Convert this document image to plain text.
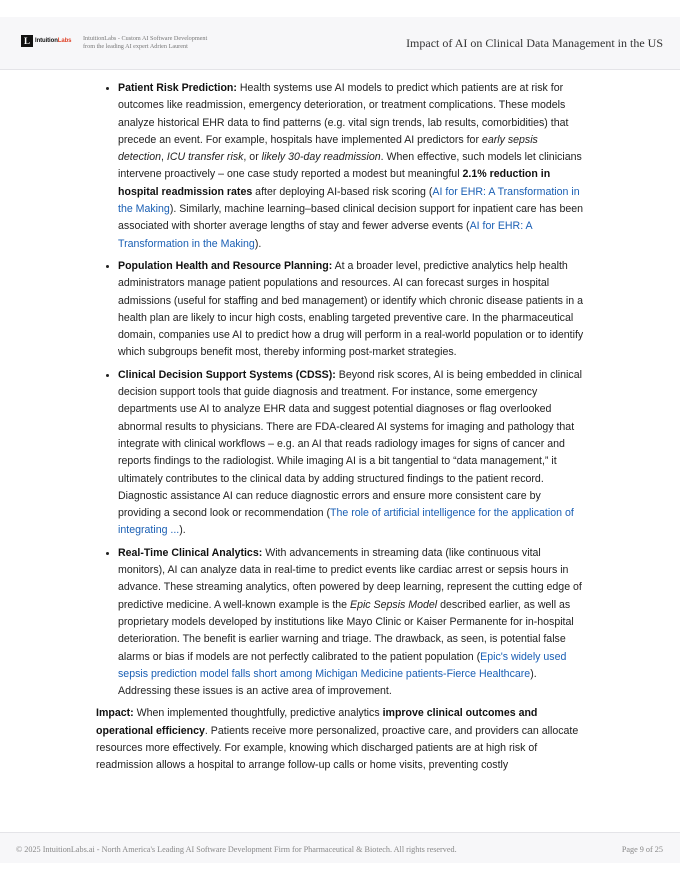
L IntuitionLabs IntuitionLabs - Custom AI Software Development
from the leading AI expert Adrien Laurent	Impact of AI on Clinical Data Management in the US
• Patient Risk Prediction: Health systems use AI models to predict which patients are at risk for outcomes like readmission, emergency deterioration, or treatment complications. These models analyze historical EHR data to find patterns (e.g. vital sign trends, lab results, comorbidities) that precede an event. For example, hospitals have implemented AI predictors for early sepsis detection, ICU transfer risk, or likely 30-day readmission. When effective, such models let clinicians intervene proactively – one case study reported a modest but meaningful 2.1% reduction in hospital readmission rates after deploying AI-based risk scoring (AI for EHR: A Transformation in the Making). Similarly, machine learning–based clinical decision support for inpatient care has been associated with shorter average lengths of stay and fewer adverse events (AI for EHR: A Transformation in the Making).
• Population Health and Resource Planning: At a broader level, predictive analytics help health administrators manage patient populations and resources. AI can forecast surges in hospital admissions (useful for staffing and bed management) or identify which chronic disease patients in a health plan are likely to incur high costs, enabling targeted preventive care. In the pharmaceutical domain, companies use AI to predict how a drug will perform in a real-world population or to identify which subgroups benefit most, thereby informing post-market strategies.
• Clinical Decision Support Systems (CDSS): Beyond risk scores, AI is being embedded in clinical decision support tools that guide diagnosis and treatment. For instance, some emergency departments use AI to analyze EHR data and suggest potential diagnoses or flag overlooked abnormal results to physicians. There are FDA-cleared AI systems for imaging and pathology that integrate with clinical workflows – e.g. an AI that reads radiology images for signs of cancer and reports findings to the radiologist. While imaging AI is a bit tangential to “data management,” it ultimately contributes to the clinical data by adding structured findings to the patient record. Diagnostic assistance AI can reduce diagnostic errors and ensure more consistent care by providing a second look or recommendation (The role of artificial intelligence for the application of integrating ...).
• Real-Time Clinical Analytics: With advancements in streaming data (like continuous vital monitors), AI can analyze data in real-time to predict events like cardiac arrest or sepsis hours in advance. These streaming analytics, often powered by deep learning, represent the cutting edge of predictive medicine. A well-known example is the Epic Sepsis Model described earlier, as well as proprietary models developed by institutions like Mayo Clinic or Kaiser Permanente for in-hospital deterioration. The benefit is earlier warning and triage. The drawback, as seen, is potential false alarms or bias if models are not perfectly calibrated to the patient population (Epic's widely used sepsis prediction model falls short among Michigan Medicine patients-Fierce Healthcare). Addressing these issues is an active area of improvement.

Impact: When implemented thoughtfully, predictive analytics improve clinical outcomes and operational efficiency. Patients receive more personalized, proactive care, and providers can allocate resources more effectively. For example, knowing which discharged patients are at high risk of readmission allows a hospital to arrange follow-up calls or home visits, preventing costly

© 2025 IntuitionLabs.ai - North America's Leading AI Software Development Firm for Pharmaceutical & Biotech. All rights reserved.	Page 9 of 25
